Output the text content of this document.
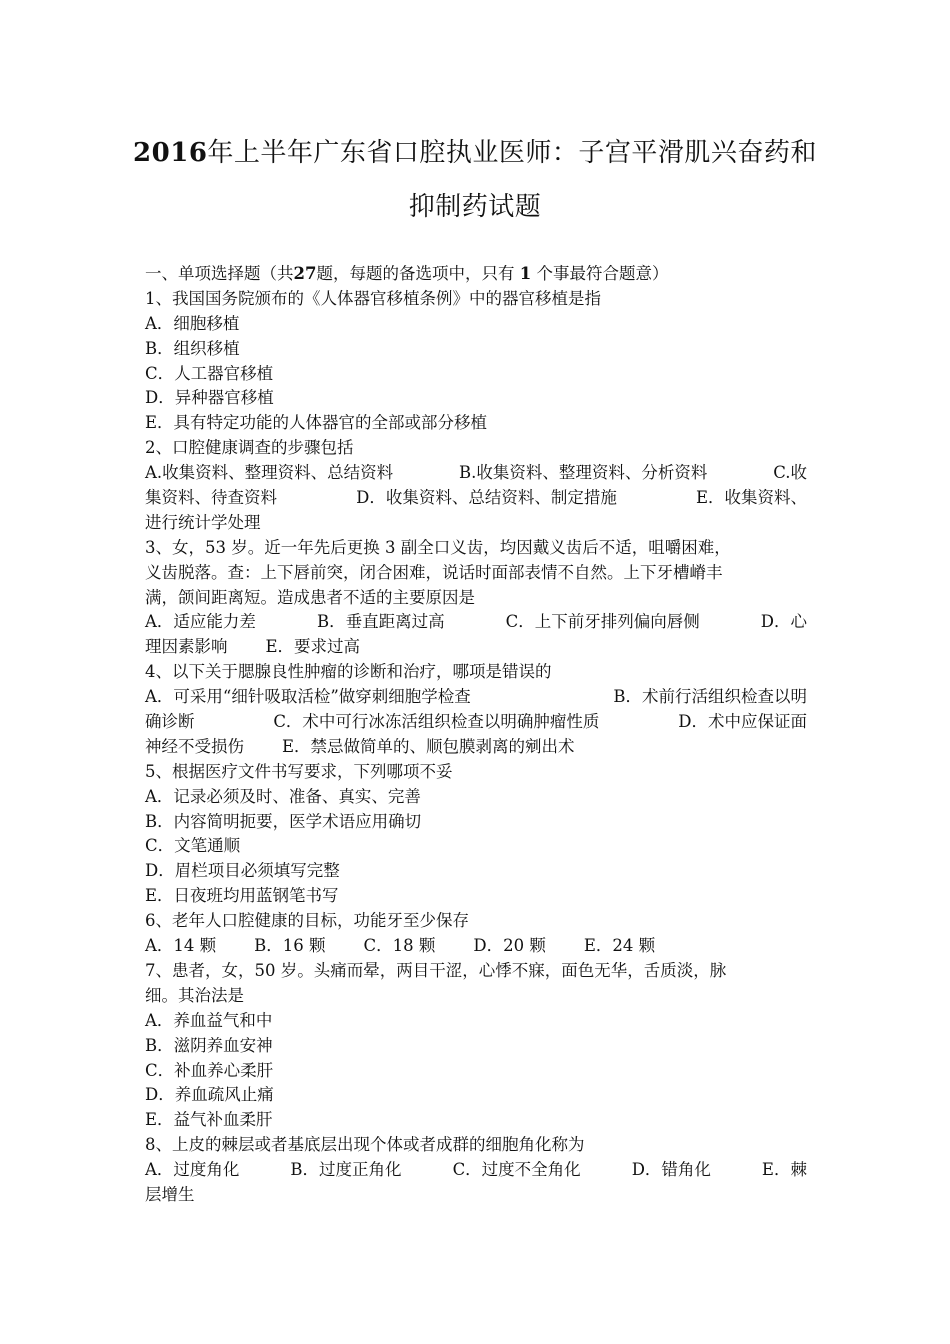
2016年上半年广东省口腔执业医师：子宫平滑肌兴奋药和
抑制药试题
一、单项选择题（共27题，每题的备选项中，只有 1 个事最符合题意）
1、我国国务院颁布的《人体器官移植条例》中的器官移植是指
A．细胞移植
B．组织移植
C．人工器官移植
D．异种器官移植
E．具有特定功能的人体器官的全部或部分移植
2、口腔健康调查的步骤包括
A.收集资料、整理资料、总结资料	B.收集资料、整理资料、分析资料	C.收
集资料、待查资料	D．收集资料、总结资料、制定措施	E．收集资料、
进行统计学处理
3、女，53 岁。近一年先后更换 3 副全口义齿，均因戴义齿后不适，咀嚼困难，
义齿脱落。查：上下唇前突，闭合困难，说话时面部表情不自然。上下牙槽嵴丰
满，颌间距离短。造成患者不适的主要原因是
A．适应能力差	B．垂直距离过高	C．上下前牙排列偏向唇侧	D．心
理因素影响 E．要求过高
4、以下关于腮腺良性肿瘤的诊断和治疗，哪项是错误的
A．可采用“细针吸取活检”做穿刺细胞学检查	B．术前行活组织检查以明
确诊断	C．术中可行冰冻活组织检查以明确肿瘤性质	D．术中应保证面
神经不受损伤 E．禁忌做简单的、顺包膜剥离的剜出术
5、根据医疗文件书写要求，下列哪项不妥
A．记录必须及时、准备、真实、完善
B．内容简明扼要，医学术语应用确切
C．文笔通顺
D．眉栏项目必须填写完整
E．日夜班均用蓝钢笔书写
6、老年人口腔健康的目标，功能牙至少保存
A．14 颗 B．16 颗 C．18 颗 D．20 颗 E．24 颗
7、患者，女，50 岁。头痛而晕，两目干涩，心悸不寐，面色无华，舌质淡，脉
细。其治法是
A．养血益气和中
B．滋阴养血安神
C．补血养心柔肝
D．养血疏风止痛
E．益气补血柔肝
8、上皮的棘层或者基底层出现个体或者成群的细胞角化称为
A．过度角化	B．过度正角化	C．过度不全角化	D．错角化	E．棘
层增生
